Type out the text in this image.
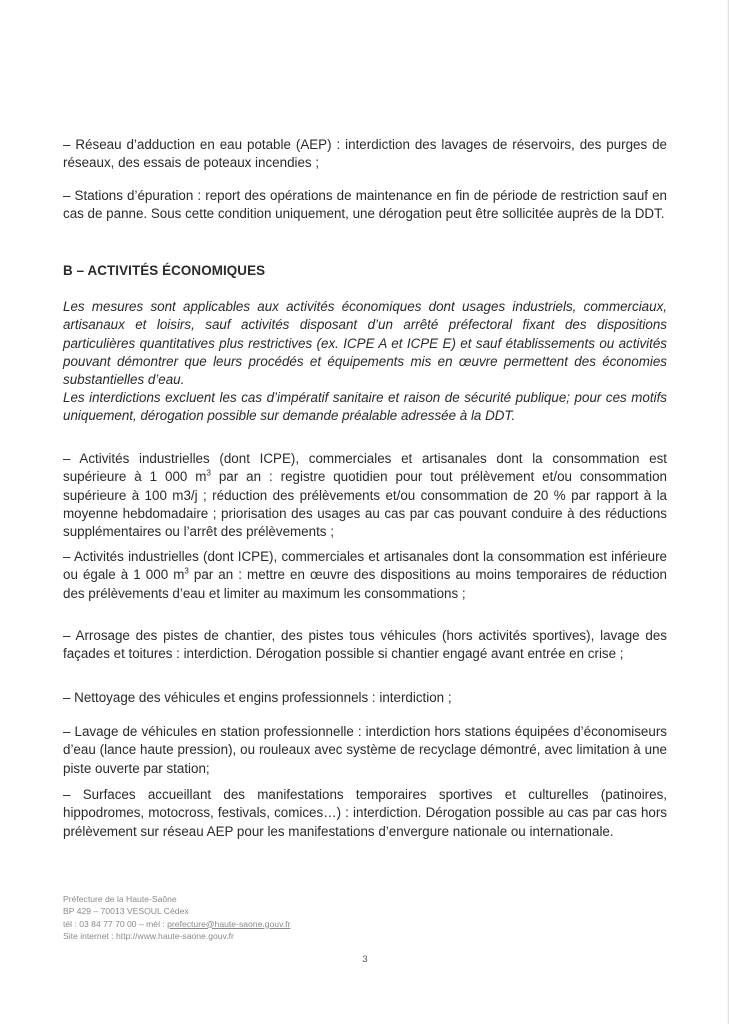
– Réseau d’adduction en eau potable (AEP) : interdiction des lavages de réservoirs, des purges de réseaux, des essais de poteaux incendies ;

– Stations d’épuration : report des opérations de maintenance en fin de période de restriction sauf en cas de panne. Sous cette condition uniquement, une dérogation peut être sollicitée auprès de la DDT.

B – ACTIVITÉS ÉCONOMIQUES

Les mesures sont applicables aux activités économiques dont usages industriels, commerciaux, artisanaux et loisirs, sauf activités disposant d’un arrêté préfectoral fixant des dispositions particulières quantitatives plus restrictives (ex. ICPE A et ICPE E) et sauf établissements ou activités pouvant démontrer que leurs procédés et équipements mis en œuvre permettent des économies substantielles d’eau.

Les interdictions excluent les cas d’impératif sanitaire et raison de sécurité publique; pour ces motifs uniquement, dérogation possible sur demande préalable adressée à la DDT.

– Activités industrielles (dont ICPE), commerciales et artisanales dont la consommation est supérieure à 1 000 $m^3$ par an : registre quotidien pour tout prélèvement et/ou consommation supérieure à 100 m3/j ; réduction des prélèvements et/ou consommation de 20 % par rapport à la moyenne hebdomadaire ; priorisation des usages au cas par cas pouvant conduire à des réductions supplémentaires ou l’arrêt des prélèvements ;

– Activités industrielles (dont ICPE), commerciales et artisanales dont la consommation est inférieure ou égale à 1 000 $m^3$ par an : mettre en œuvre des dispositions au moins temporaires de réduction des prélèvements d’eau et limiter au maximum les consommations ;

– Arrosage des pistes de chantier, des pistes tous véhicules (hors activités sportives), lavage des façades et toitures : interdiction. Dérogation possible si chantier engagé avant entrée en crise ;

– Nettoyage des véhicules et engins professionnels : interdiction ;

– Lavage de véhicules en station professionnelle : interdiction hors stations équipées d’économiseurs d’eau (lance haute pression), ou rouleaux avec système de recyclage démontré, avec limitation à une piste ouverte par station;

– Surfaces accueillant des manifestations temporaires sportives et culturelles (patinoires, hippodromes, motocross, festivals, comices…) : interdiction. Dérogation possible au cas par cas hors prélèvement sur réseau AEP pour les manifestations d’envergure nationale ou internationale.

Préfecture de la Haute-Saône
BP 429 – 70013 VESOUL Cédex
tél : 03 84 77 70 00 – mèl : prefecture@haute-saone.gouv.fr
Site internet : http://www.haute-saone.gouv.fr
3
